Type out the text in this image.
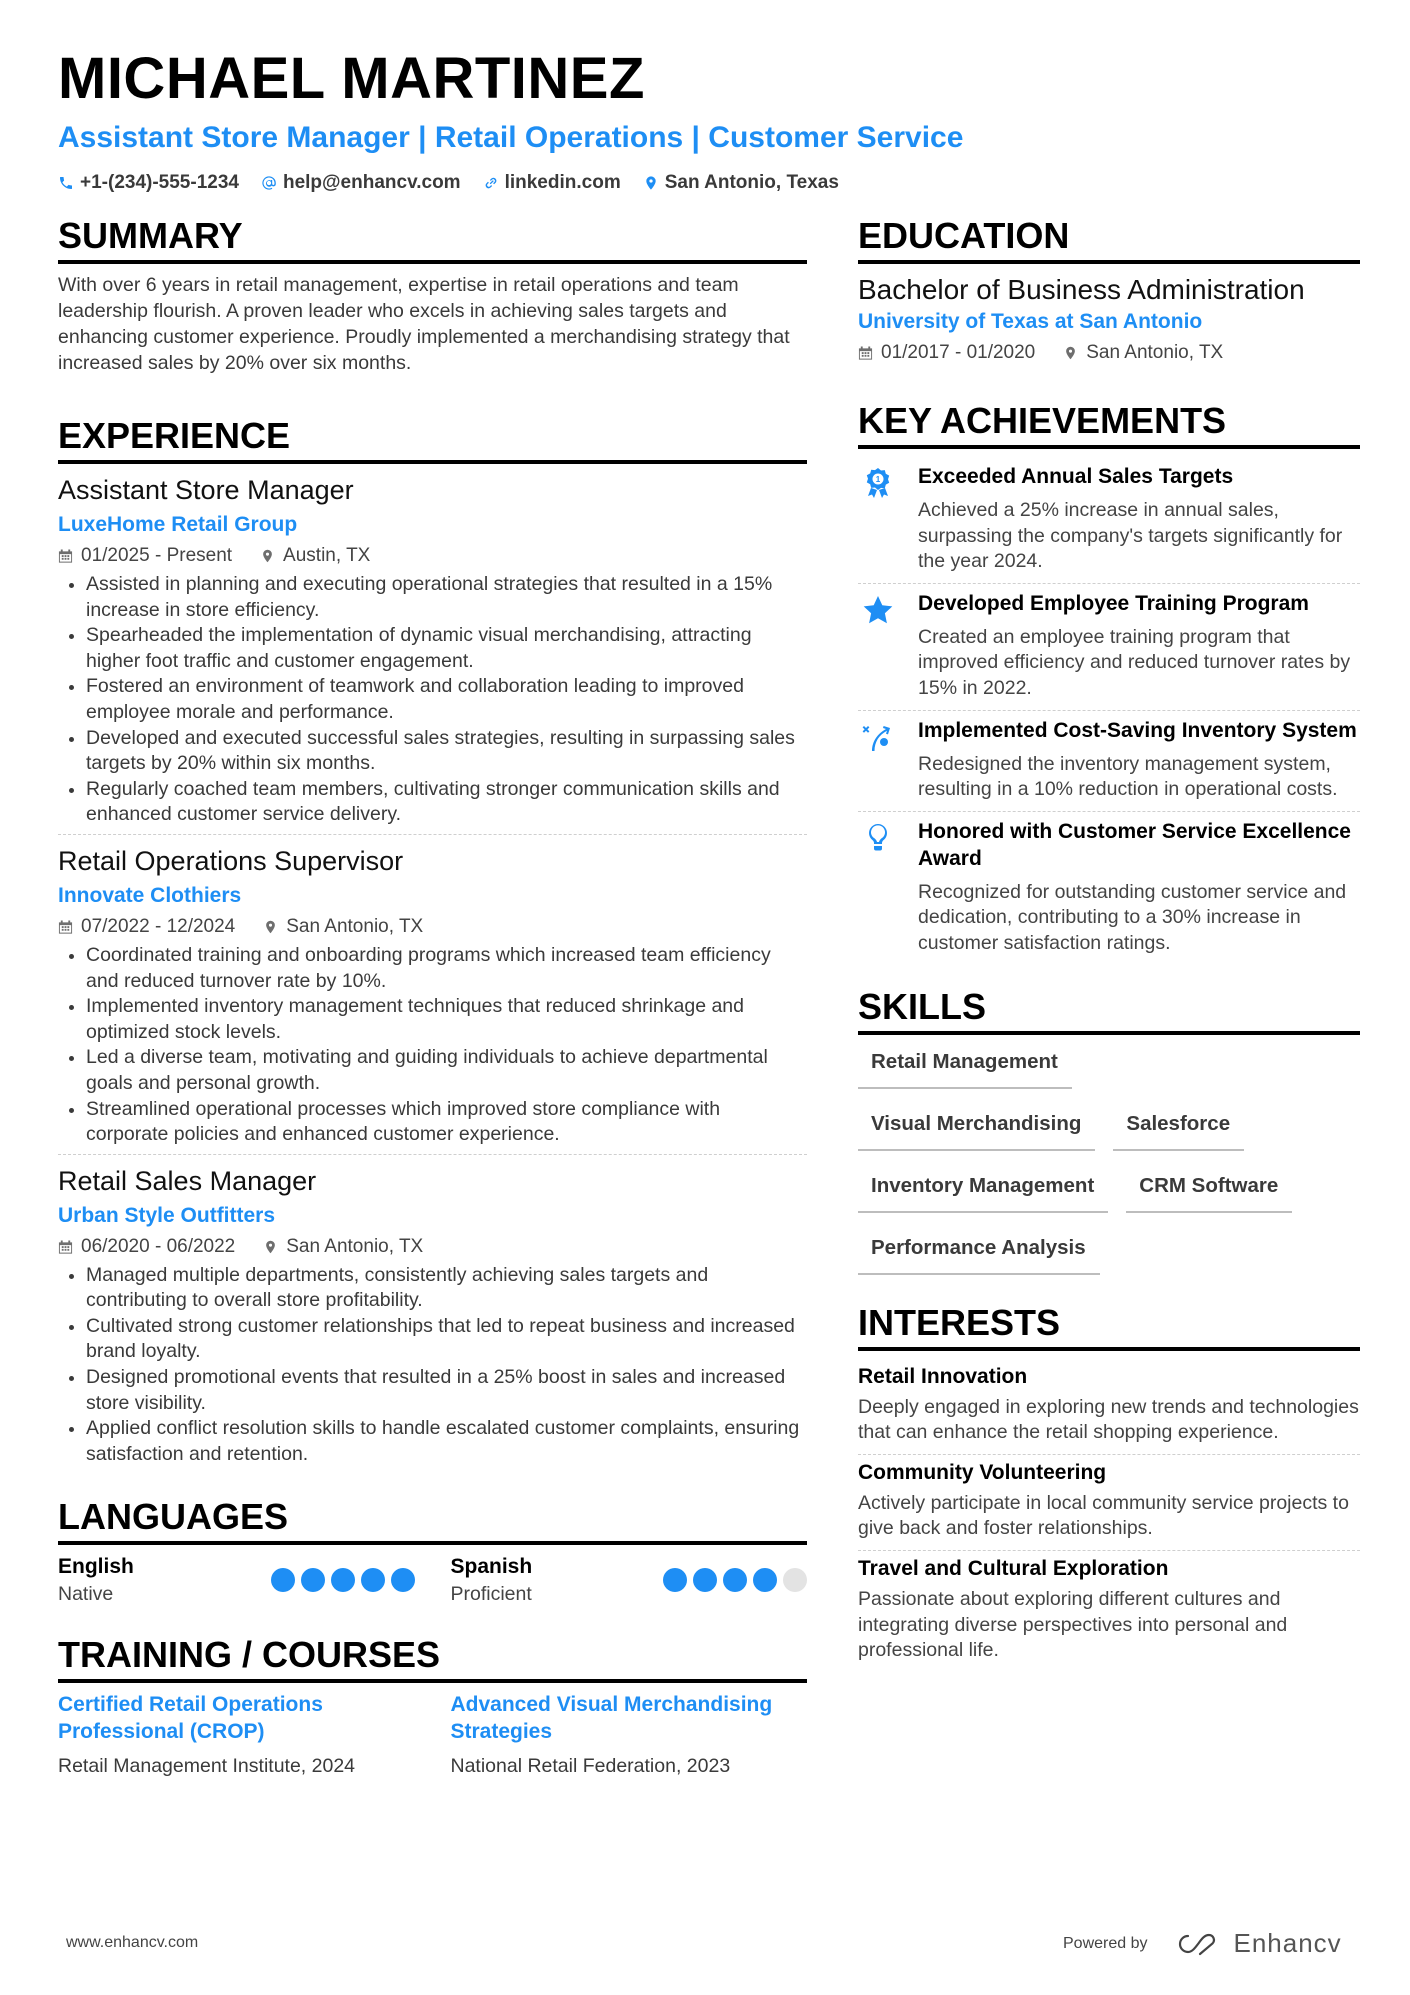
MICHAEL MARTINEZ
Assistant Store Manager | Retail Operations | Customer Service
+1-(234)-555-1234 help@enhancv.com linkedin.com San Antonio, Texas
SUMMARY
With over 6 years in retail management, expertise in retail operations and team leadership flourish. A proven leader who excels in achieving sales targets and enhancing customer experience. Proudly implemented a merchandising strategy that increased sales by 20% over six months.
EXPERIENCE
Assistant Store Manager
LuxeHome Retail Group
01/2025 - Present	Austin, TX
Assisted in planning and executing operational strategies that resulted in a 15% increase in store efficiency.
Spearheaded the implementation of dynamic visual merchandising, attracting higher foot traffic and customer engagement.
Fostered an environment of teamwork and collaboration leading to improved employee morale and performance.
Developed and executed successful sales strategies, resulting in surpassing sales targets by 20% within six months.
Regularly coached team members, cultivating stronger communication skills and enhanced customer service delivery.
Retail Operations Supervisor
Innovate Clothiers
07/2022 - 12/2024	San Antonio, TX
Coordinated training and onboarding programs which increased team efficiency and reduced turnover rate by 10%.
Implemented inventory management techniques that reduced shrinkage and optimized stock levels.
Led a diverse team, motivating and guiding individuals to achieve departmental goals and personal growth.
Streamlined operational processes which improved store compliance with corporate policies and enhanced customer experience.
Retail Sales Manager
Urban Style Outfitters
06/2020 - 06/2022	San Antonio, TX
Managed multiple departments, consistently achieving sales targets and contributing to overall store profitability.
Cultivated strong customer relationships that led to repeat business and increased brand loyalty.
Designed promotional events that resulted in a 25% boost in sales and increased store visibility.
Applied conflict resolution skills to handle escalated customer complaints, ensuring satisfaction and retention.
LANGUAGES
English
Native
Spanish
Proficient
TRAINING / COURSES
Certified Retail Operations Professional (CROP)
Retail Management Institute, 2024
Advanced Visual Merchandising Strategies
National Retail Federation, 2023
EDUCATION
Bachelor of Business Administration
University of Texas at San Antonio
01/2017 - 01/2020	San Antonio, TX
KEY ACHIEVEMENTS
1 Exceeded Annual Sales Targets
Achieved a 25% increase in annual sales, surpassing the company's targets significantly for the year 2024.
Developed Employee Training Program
Created an employee training program that improved efficiency and reduced turnover rates by 15% in 2022.
Implemented Cost-Saving Inventory System
Redesigned the inventory management system, resulting in a 10% reduction in operational costs.
Honored with Customer Service Excellence Award
Recognized for outstanding customer service and dedication, contributing to a 30% increase in customer satisfaction ratings.
SKILLS
Retail Management
Visual Merchandising	Salesforce
Inventory Management	CRM Software
Performance Analysis
INTERESTS
Retail Innovation
Deeply engaged in exploring new trends and technologies that can enhance the retail shopping experience.
Community Volunteering
Actively participate in local community service projects to give back and foster relationships.
Travel and Cultural Exploration
Passionate about exploring different cultures and integrating diverse perspectives into personal and professional life.
www.enhancv.com	Powered by	Enhancv
